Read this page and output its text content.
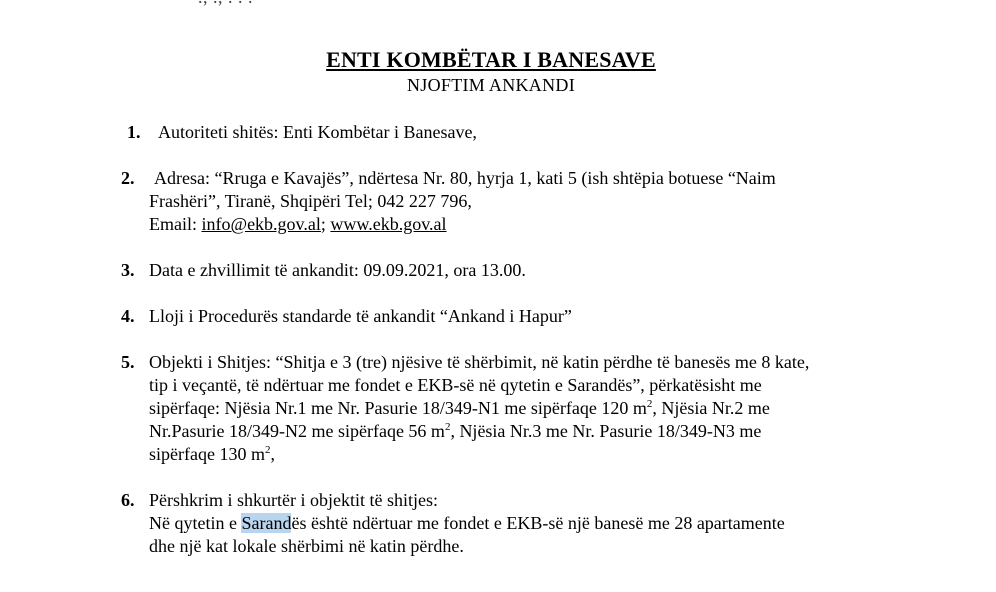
ENTI KOMBËTAR I BANESAVE
NJOFTIM ANKANDI
1. Autoriteti shitës: Enti Kombëtar i Banesave,
2. Adresa: “Rruga e Kavajës”, ndërtesa Nr. 80, hyrja 1, kati 5 (ish shtëpia botuese “Naim
Frashëri”, Tiranë, Shqipëri Tel; 042 227 796,
Email: info@ekb.gov.al; www.ekb.gov.al
3. Data e zhvillimit të ankandit: 09.09.2021, ora 13.00.
4. Lloji i Procedurës standarde të ankandit “Ankand i Hapur”
5. Objekti i Shitjes: “Shitja e 3 (tre) njësive të shërbimit, në katin përdhe të banesës me 8 kate,
tip i veçantë, të ndërtuar me fondet e EKB-së në qytetin e Sarandës”, përkatësisht me
sipërfaqe: Njësia Nr.1 me Nr. Pasurie 18/349-N1 me sipërfaqe 120 $m^2$, Njësia Nr.2 me
Nr.Pasurie 18/349-N2 me sipërfaqe 56 $m^2$, Njësia Nr.3 me Nr. Pasurie 18/349-N3 me
sipërfaqe 130 $m^2$,
6. Përshkrim i shkurtër i objektit të shitjes:
Në qytetin e Sarandës është ndërtuar me fondet e EKB-së një banesë me 28 apartamente
dhe një kat lokale shërbimi në katin përdhe.
